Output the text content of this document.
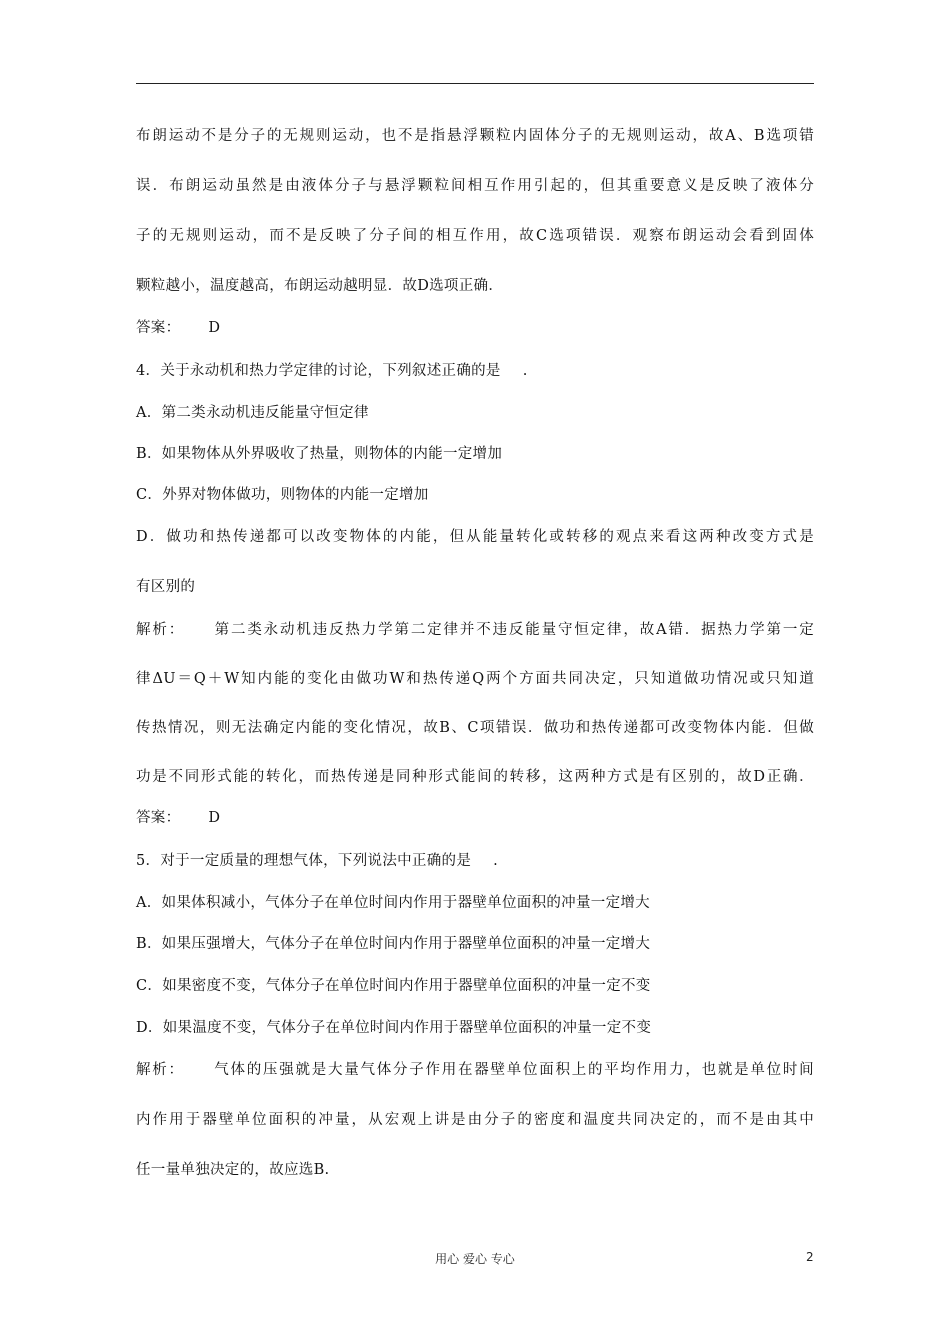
布朗运动不是分子的无规则运动，也不是指悬浮颗粒内固体分子的无规则运动，故A、B选项错
误．布朗运动虽然是由液体分子与悬浮颗粒间相互作用引起的，但其重要意义是反映了液体分
子的无规则运动，而不是反映了分子间的相互作用，故C选项错误．观察布朗运动会看到固体
颗粒越小，温度越高，布朗运动越明显．故D选项正确．
答案： D
4．关于永动机和热力学定律的讨论，下列叙述正确的是 .
A．第二类永动机违反能量守恒定律
B．如果物体从外界吸收了热量，则物体的内能一定增加
C．外界对物体做功，则物体的内能一定增加
D．做功和热传递都可以改变物体的内能，但从能量转化或转移的观点来看这两种改变方式是
有区别的
解析： 第二类永动机违反热力学第二定律并不违反能量守恒定律，故A错．据热力学第一定
律ΔU＝Q＋W知内能的变化由做功W和热传递Q两个方面共同决定，只知道做功情况或只知道
传热情况，则无法确定内能的变化情况，故B、C项错误．做功和热传递都可改变物体内能．但做
功是不同形式能的转化，而热传递是同种形式能间的转移，这两种方式是有区别的，故D正确．
答案： D
5．对于一定质量的理想气体，下列说法中正确的是 .
A．如果体积减小，气体分子在单位时间内作用于器壁单位面积的冲量一定增大
B．如果压强增大，气体分子在单位时间内作用于器壁单位面积的冲量一定增大
C．如果密度不变，气体分子在单位时间内作用于器壁单位面积的冲量一定不变
D．如果温度不变，气体分子在单位时间内作用于器壁单位面积的冲量一定不变
解析： 气体的压强就是大量气体分子作用在器壁单位面积上的平均作用力，也就是单位时间
内作用于器壁单位面积的冲量，从宏观上讲是由分子的密度和温度共同决定的，而不是由其中
任一量单独决定的，故应选B.
用心 爱心 专心	2
